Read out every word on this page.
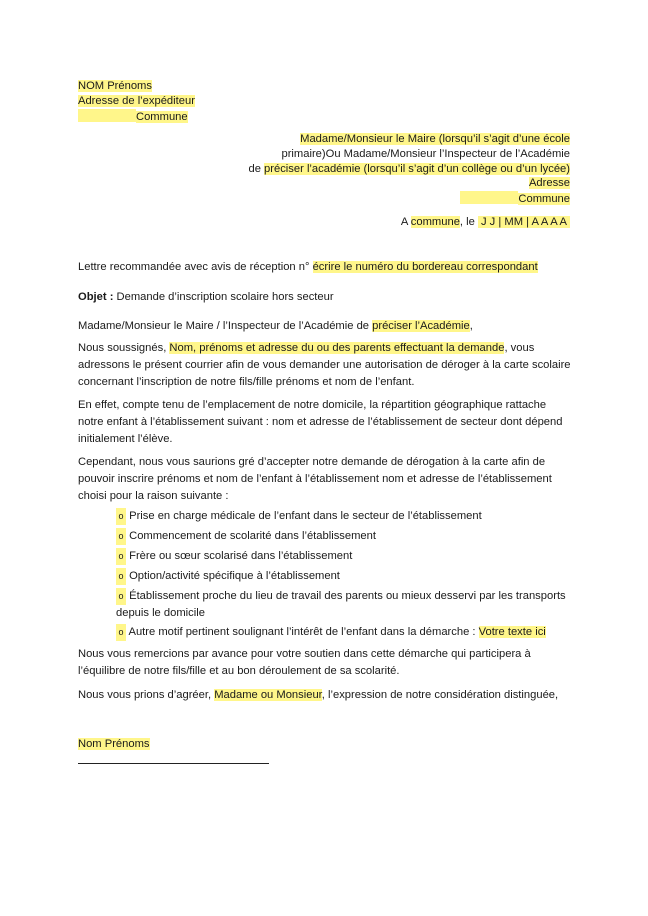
NOM Prénoms
Adresse de l’expéditeur
Commune
Madame/Monsieur le Maire (lorsqu’il s’agit d’une école
primaire)Ou Madame/Monsieur l’Inspecteur de l’Académie
de préciser l’académie (lorsqu’il s’agit d’un collège ou d’un lycée)
Adresse
Commune
A commune, le J J | MM | A A A A
Lettre recommandée avec avis de réception n° écrire le numéro du bordereau correspondant
Objet : Demande d’inscription scolaire hors secteur
Madame/Monsieur le Maire / l’Inspecteur de l’Académie de préciser l’Académie,
Nous soussignés, Nom, prénoms et adresse du ou des parents effectuant la demande, vous
adressons le présent courrier afin de vous demander une autorisation de déroger à la carte scolaire
concernant l’inscription de notre fils/fille prénoms et nom de l’enfant.
En effet, compte tenu de l’emplacement de notre domicile, la répartition géographique rattache
notre enfant à l’établissement suivant : nom et adresse de l’établissement de secteur dont dépend
initialement l’élève.
Cependant, nous vous saurions gré d’accepter notre demande de dérogation à la carte afin de
pouvoir inscrire prénoms et nom de l’enfant à l’établissement nom et adresse de l’établissement
choisi pour la raison suivante :
o Prise en charge médicale de l’enfant dans le secteur de l’établissement
o Commencement de scolarité dans l’établissement
o Frère ou sœur scolarisé dans l’établissement
o Option/activité spécifique à l’établissement
o Établissement proche du lieu de travail des parents ou mieux desservi par les transports
depuis le domicile
o Autre motif pertinent soulignant l’intérêt de l’enfant dans la démarche : Votre texte ici
Nous vous remercions par avance pour votre soutien dans cette démarche qui participera à
l’équilibre de notre fils/fille et au bon déroulement de sa scolarité.
Nous vous prions d’agréer, Madame ou Monsieur, l’expression de notre considération distinguée,
Nom Prénoms
